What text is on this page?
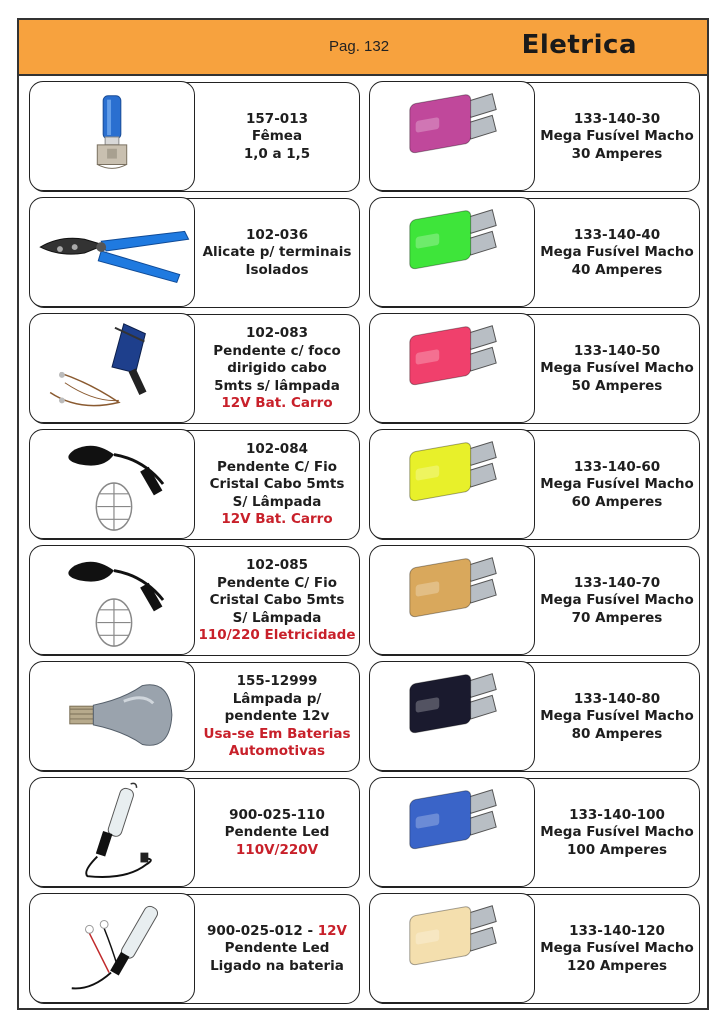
Pag. 132	Eletrica
157-013
Fêmea
1,0 a 1,5
102-036
Alicate p/ terminais
Isolados
102-083
Pendente c/ foco
dirigido cabo
5mts s/ lâmpada
12V Bat. Carro
102-084
Pendente C/ Fio
Cristal Cabo 5mts
S/ Lâmpada
12V Bat. Carro
102-085
Pendente C/ Fio
Cristal Cabo 5mts
S/ Lâmpada
110/220 Eletricidade
155-12999
Lâmpada p/
pendente 12v
Usa-se Em Baterias
Automotivas
900-025-110
Pendente Led
110V/220V
900-025-012 - 12V
Pendente Led
Ligado na bateria
133-140-30
Mega Fusível Macho
30 Amperes
133-140-40
Mega Fusível Macho
40 Amperes
133-140-50
Mega Fusível Macho
50 Amperes
133-140-60
Mega Fusível Macho
60 Amperes
133-140-70
Mega Fusível Macho
70 Amperes
133-140-80
Mega Fusível Macho
80 Amperes
133-140-100
Mega Fusível Macho
100 Amperes
133-140-120
Mega Fusível Macho
120 Amperes
